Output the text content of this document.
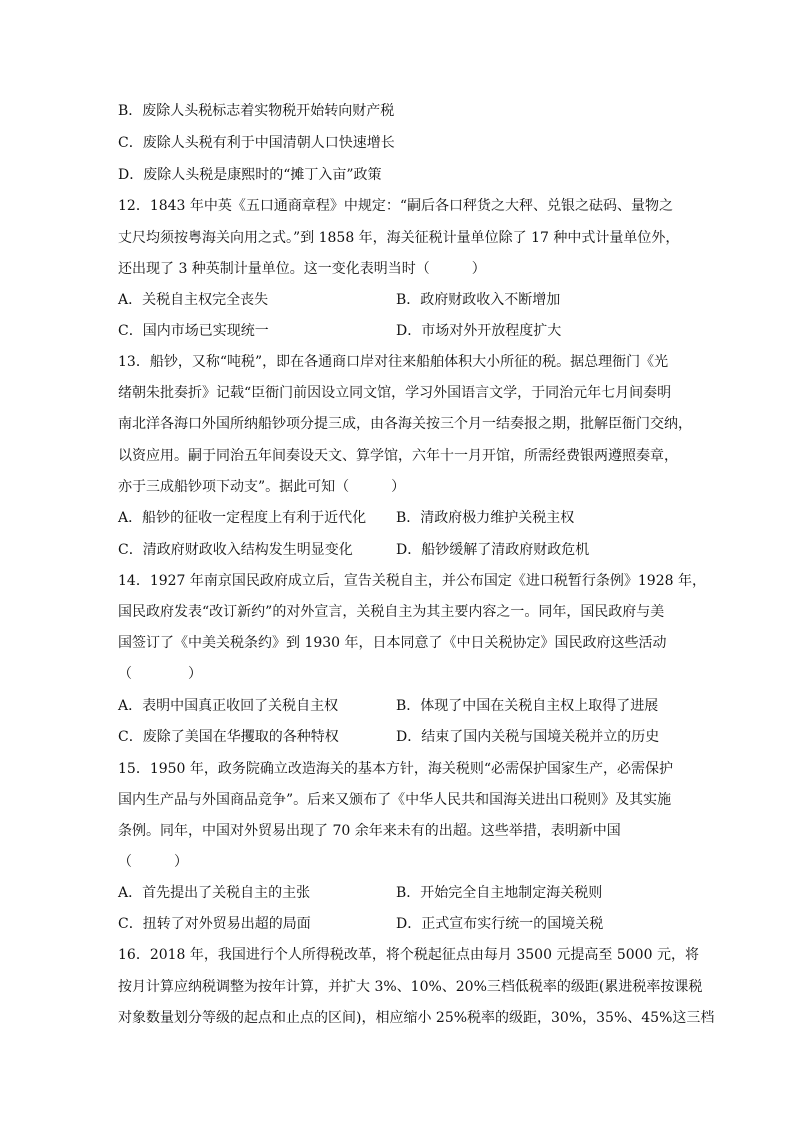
B．废除人头税标志着实物税开始转向财产税
C．废除人头税有利于中国清朝人口快速增长
D．废除人头税是康熙时的“摊丁入亩”政策
12．1843 年中英《五口通商章程》中规定：“嗣后各口秤货之大秤、兑银之砝码、量物之
丈尺均须按粤海关向用之式。”到 1858 年，海关征税计量单位除了 17 种中式计量单位外，
还出现了 3 种英制计量单位。这一变化表明当时（　　　）
A．关税自主权完全丧失	B．政府财政收入不断增加
C．国内市场已实现统一	D．市场对外开放程度扩大
13．船钞，又称“吨税”，即在各通商口岸对往来船舶体积大小所征的税。据总理衙门《光
绪朝朱批奏折》记载“臣衙门前因设立同文馆，学习外国语言文学，于同治元年七月间奏明
南北洋各海口外国所纳船钞项分提三成，由各海关按三个月一结奏报之期，批解臣衙门交纳，
以资应用。嗣于同治五年间奏设天文、算学馆，六年十一月开馆，所需经费银两遵照奏章，
亦于三成船钞项下动支”。据此可知（　　　）
A．船钞的征收一定程度上有利于近代化 B．清政府极力维护关税主权
C．清政府财政收入结构发生明显变化	D．船钞缓解了清政府财政危机
14．1927 年南京国民政府成立后，宣告关税自主，并公布国定《进口税暂行条例》1928 年，
国民政府发表“改订新约”的对外宣言，关税自主为其主要内容之一。同年，国民政府与美
国签订了《中美关税条约》到 1930 年，日本同意了《中日关税协定》国民政府这些活动
（　　　　）
A．表明中国真正收回了关税自主权	B．体现了中国在关税自主权上取得了进展
C．废除了美国在华攫取的各种特权	D．结束了国内关税与国境关税并立的历史
15．1950 年，政务院确立改造海关的基本方针，海关税则“必需保护国家生产，必需保护
国内生产品与外国商品竞争”。后来又颁布了《中华人民共和国海关进出口税则》及其实施
条例。同年，中国对外贸易出现了 70 余年来未有的出超。这些举措，表明新中国
（　　　）
A．首先提出了关税自主的主张	B．开始完全自主地制定海关税则
C．扭转了对外贸易出超的局面	D．正式宣布实行统一的国境关税
16．2018 年，我国进行个人所得税改革，将个税起征点由每月 3500 元提高至 5000 元，将
按月计算应纳税调整为按年计算，并扩大 3%、10%、20%三档低税率的级距(累进税率按课税
对象数量划分等级的起点和止点的区间)，相应缩小 25%税率的级距，30%，35%、45%这三档
